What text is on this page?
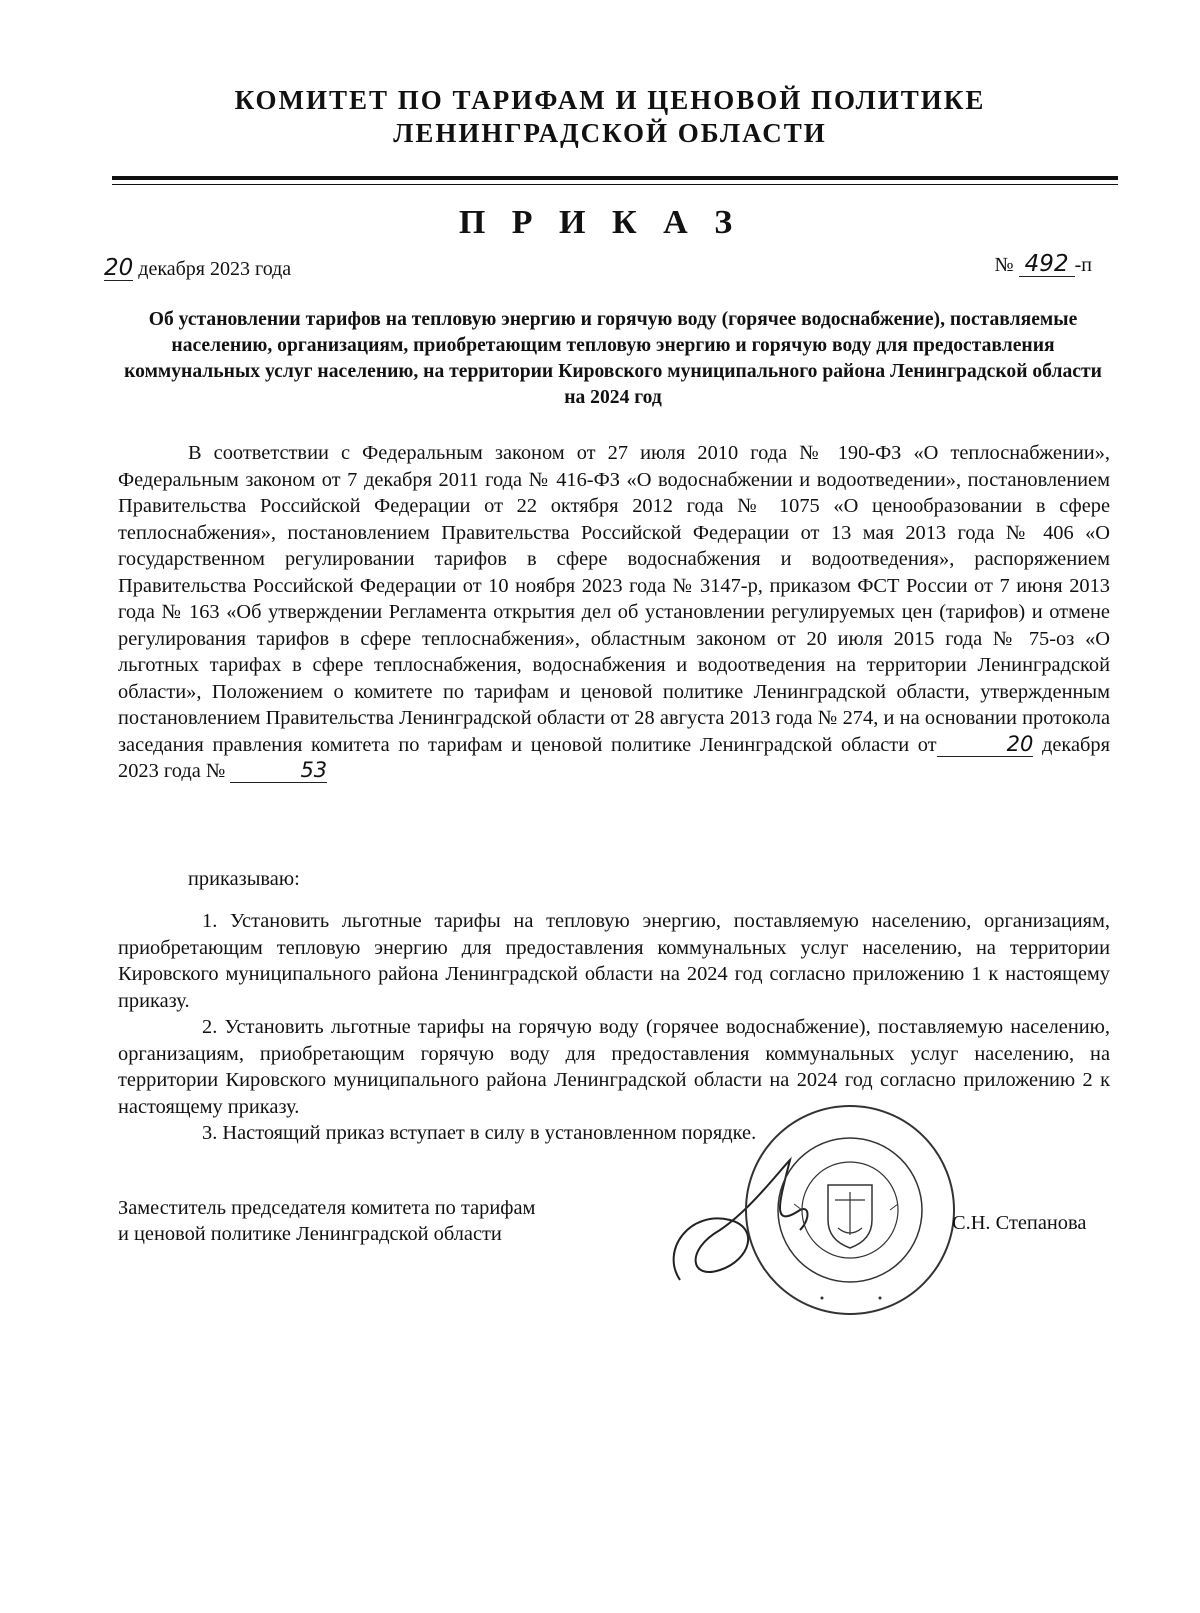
КОМИТЕТ ПО ТАРИФАМ И ЦЕНОВОЙ ПОЛИТИКЕ
ЛЕНИНГРАДСКОЙ ОБЛАСТИ
П Р И К А З
20 декабря 2023 года	№ 492 -п
Об установлении тарифов на тепловую энергию и горячую воду (горячее водоснабжение), поставляемые населению, организациям, приобретающим тепловую энергию и горячую воду для предоставления коммунальных услуг населению, на территории Кировского муниципального района Ленинградской области на 2024 год
В соответствии с Федеральным законом от 27 июля 2010 года № 190-ФЗ «О теплоснабжении», Федеральным законом от 7 декабря 2011 года № 416-ФЗ «О водоснабжении и водоотведении», постановлением Правительства Российской Федерации от 22 октября 2012 года № 1075 «О ценообразовании в сфере теплоснабжения», постановлением Правительства Российской Федерации от 13 мая 2013 года № 406 «О государственном регулировании тарифов в сфере водоснабжения и водоотведения», распоряжением Правительства Российской Федерации от 10 ноября 2023 года № 3147-р, приказом ФСТ России от 7 июня 2013 года № 163 «Об утверждении Регламента открытия дел об установлении регулируемых цен (тарифов) и отмене регулирования тарифов в сфере теплоснабжения», областным законом от 20 июля 2015 года № 75-оз «О льготных тарифах в сфере теплоснабжения, водоснабжения и водоотведения на территории Ленинградской области», Положением о комитете по тарифам и ценовой политике Ленинградской области, утвержденным постановлением Правительства Ленинградской области от 28 августа 2013 года № 274, и на основании протокола заседания правления комитета по тарифам и ценовой политике Ленинградской области от	20 декабря 2023 года №	53
приказываю:

1. Установить льготные тарифы на тепловую энергию, поставляемую населению, организациям, приобретающим тепловую энергию для предоставления коммунальных услуг населению, на территории Кировского муниципального района Ленинградской области на 2024 год согласно приложению 1 к настоящему приказу.

2. Установить льготные тарифы на горячую воду (горячее водоснабжение), поставляемую населению, организациям, приобретающим горячую воду для предоставления коммунальных услуг населению, на территории Кировского муниципального района Ленинградской области на 2024 год согласно приложению 2 к настоящему приказу.

3. Настоящий приказ вступает в силу в установленном порядке.

Заместитель председателя комитета по тарифам
и ценовой политике Ленинградской области	С.Н. Степанова
